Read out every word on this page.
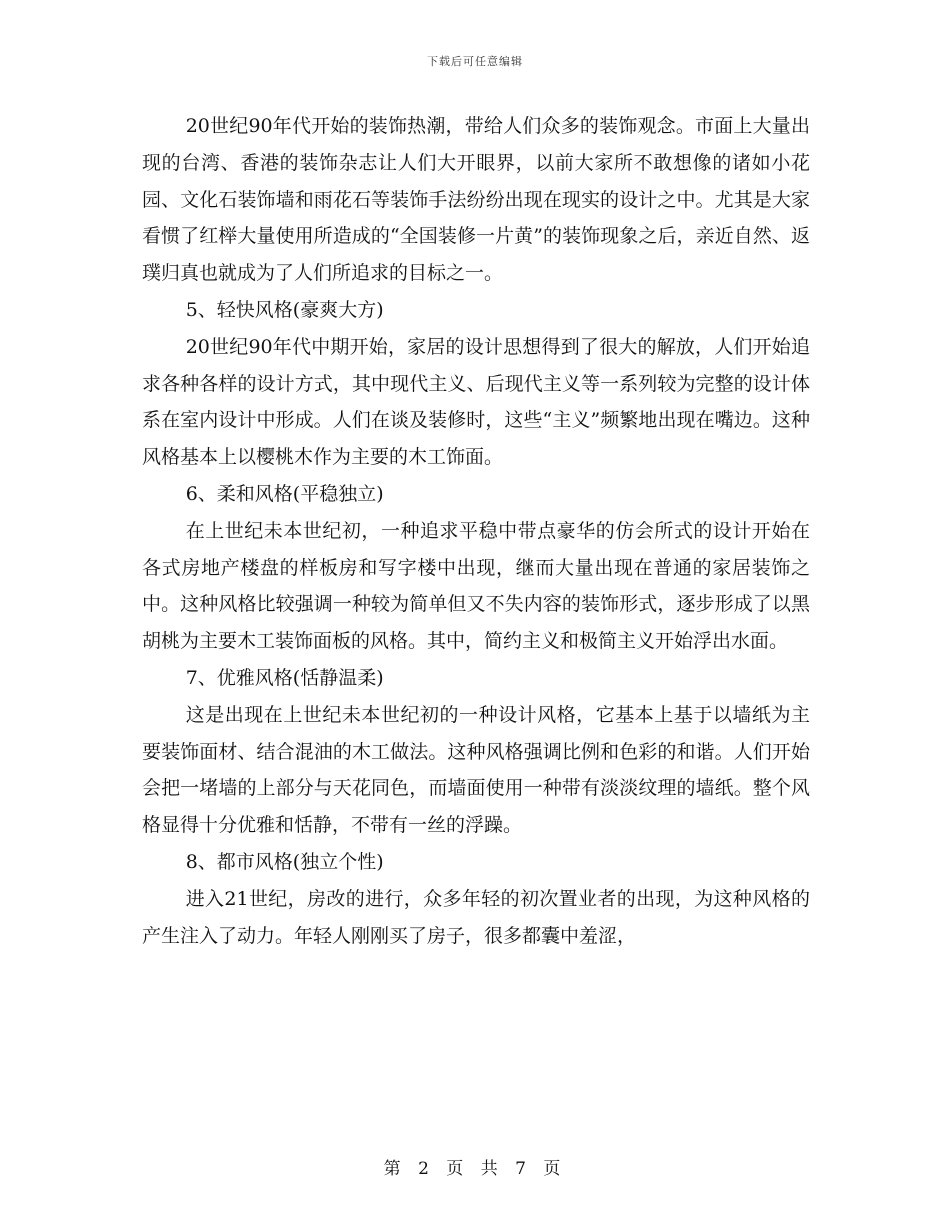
下载后可任意编辑

20世纪90年代开始的装饰热潮，带给人们众多的装饰观念。市面上大量出现的台湾、香港的装饰杂志让人们大开眼界，以前大家所不敢想像的诸如小花园、文化石装饰墙和雨花石等装饰手法纷纷出现在现实的设计之中。尤其是大家看惯了红榉大量使用所造成的“全国装修一片黄”的装饰现象之后，亲近自然、返璞归真也就成为了人们所追求的目标之一。

5、轻快风格(豪爽大方)

20世纪90年代中期开始，家居的设计思想得到了很大的解放，人们开始追求各种各样的设计方式，其中现代主义、后现代主义等一系列较为完整的设计体系在室内设计中形成。人们在谈及装修时，这些“主义”频繁地出现在嘴边。这种风格基本上以樱桃木作为主要的木工饰面。

6、柔和风格(平稳独立)

在上世纪未本世纪初，一种追求平稳中带点豪华的仿会所式的设计开始在各式房地产楼盘的样板房和写字楼中出现，继而大量出现在普通的家居装饰之中。这种风格比较强调一种较为简单但又不失内容的装饰形式，逐步形成了以黑胡桃为主要木工装饰面板的风格。其中，简约主义和极简主义开始浮出水面。

7、优雅风格(恬静温柔)

这是出现在上世纪未本世纪初的一种设计风格，它基本上基于以墙纸为主要装饰面材、结合混油的木工做法。这种风格强调比例和色彩的和谐。人们开始会把一堵墙的上部分与天花同色，而墙面使用一种带有淡淡纹理的墙纸。整个风格显得十分优雅和恬静，不带有一丝的浮躁。

8、都市风格(独立个性)

进入21世纪，房改的进行，众多年轻的初次置业者的出现，为这种风格的产生注入了动力。年轻人刚刚买了房子，很多都囊中羞涩，

第 2 页 共 7 页
